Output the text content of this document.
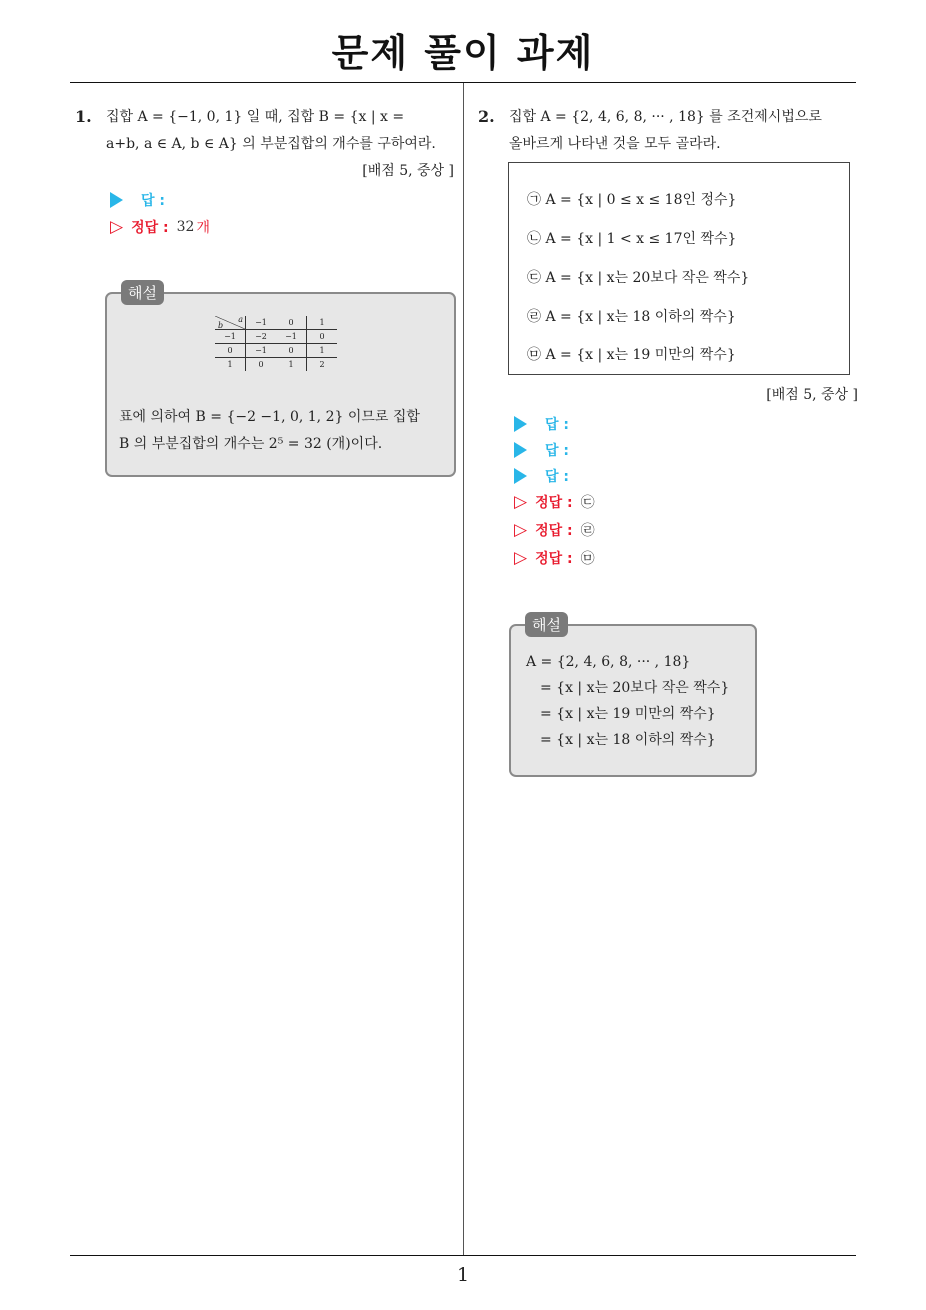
문제 풀이 과제
1. 집합 A = {−1, 0, 1} 일 때, 집합 B = {x | x =
a+b, a ∈ A, b ∈ A} 의 부분집합의 개수를 구하여라.
[배점 5, 중상 ]
답 :
▷ 정답 : 32 개
해설
a
b	−1	0	1
−1	−2	−1	0
0	−1	0	1
1	0	1	2
표에 의하여 B = {−2 −1, 0, 1, 2} 이므로 집합
B 의 부분집합의 개수는 2⁵ = 32 (개)이다.
2. 집합 A = {2, 4, 6, 8, ··· , 18} 를 조건제시법으로
올바르게 나타낸 것을 모두 골라라.
㉠ A = {x | 0 ≤ x ≤ 18인 정수}
㉡ A = {x | 1 < x ≤ 17인 짝수}
㉢ A = {x | x는 20보다 작은 짝수}
㉣ A = {x | x는 18 이하의 짝수}
㉤ A = {x | x는 19 미만의 짝수}
[배점 5, 중상 ]
답 :
답 :
답 :
▷ 정답 : ㉢
▷ 정답 : ㉣
▷ 정답 : ㉤
해설
A = {2, 4, 6, 8, ··· , 18}
= {x | x는 20보다 작은 짝수}
= {x | x는 19 미만의 짝수}
= {x | x는 18 이하의 짝수}
1
